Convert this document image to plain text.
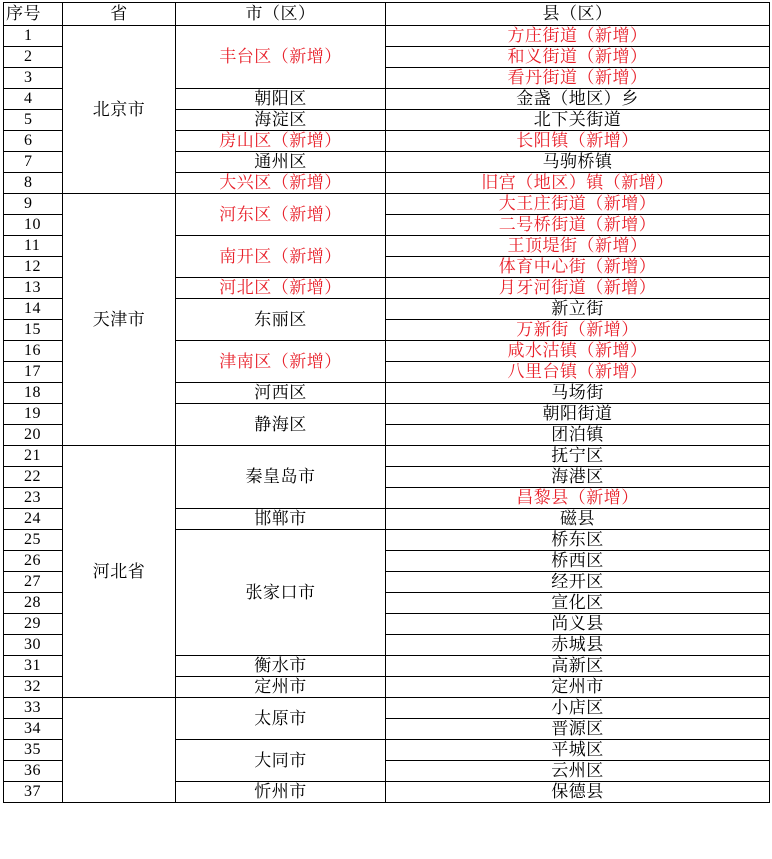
序号	省	市（区）	县（区）
1	北京市	丰台区（新增）	方庄街道（新增）
2			和义街道（新增）
3			看丹街道（新增）
4		朝阳区	金盏（地区）乡
5		海淀区	北下关街道
6		房山区（新增）	长阳镇（新增）
7		通州区	马驹桥镇
8		大兴区（新增）	旧宫（地区）镇（新增）
9	天津市	河东区（新增）	大王庄街道（新增）
10			二号桥街道（新增）
11		南开区（新增）	王顶堤街（新增）
12			体育中心街（新增）
13		河北区（新增）	月牙河街道（新增）
14		东丽区	新立街
15			万新街（新增）
16		津南区（新增）	咸水沽镇（新增）
17			八里台镇（新增）
18		河西区	马场街
19		静海区	朝阳街道
20			团泊镇
21	河北省	秦皇岛市	抚宁区
22			海港区
23			昌黎县（新增）
24		邯郸市	磁县
25		张家口市	桥东区
26			桥西区
27			经开区
28			宣化区
29			尚义县
30			赤城县
31		衡水市	高新区
32		定州市	定州市
33		太原市	小店区
34			晋源区
35		大同市	平城区
36			云州区
37		忻州市	保德县
